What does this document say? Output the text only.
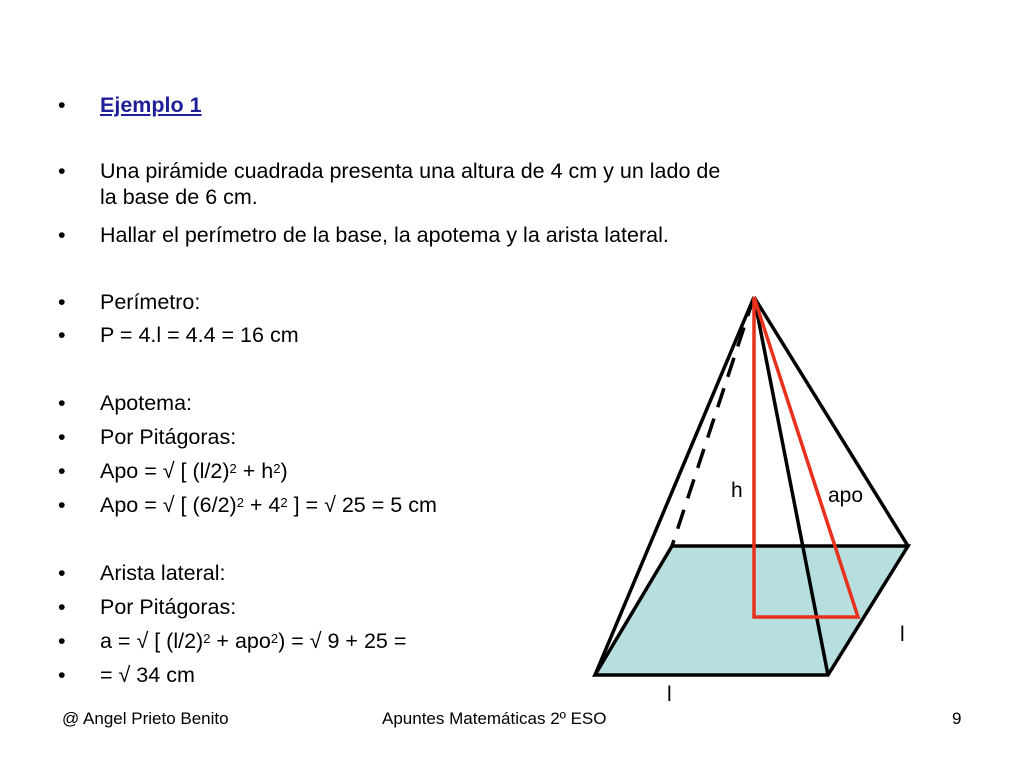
• Ejemplo 1
• Una pirámide cuadrada presenta una altura de 4 cm y un lado de
la base de 6 cm.
• Hallar el perímetro de la base, la apotema y la arista lateral.
• Perímetro:
• P = 4.l = 4.4 = 16 cm
• Apotema:
• Por Pitágoras:
• Apo = √ [ $(l/2)^2 + h^2$)
• Apo = √ [ $(6/2)^2 + 4^2$ ] = √ 25 = 5 cm
• Arista lateral:
• Por Pitágoras:
• a = √ [ $(l/2)^2 + apo^2$) = √ 9 + 25 =
• = √ 34 cm
h	apo
l
l
@ Angel Prieto Benito	Apuntes Matemáticas 2º ESO	9
